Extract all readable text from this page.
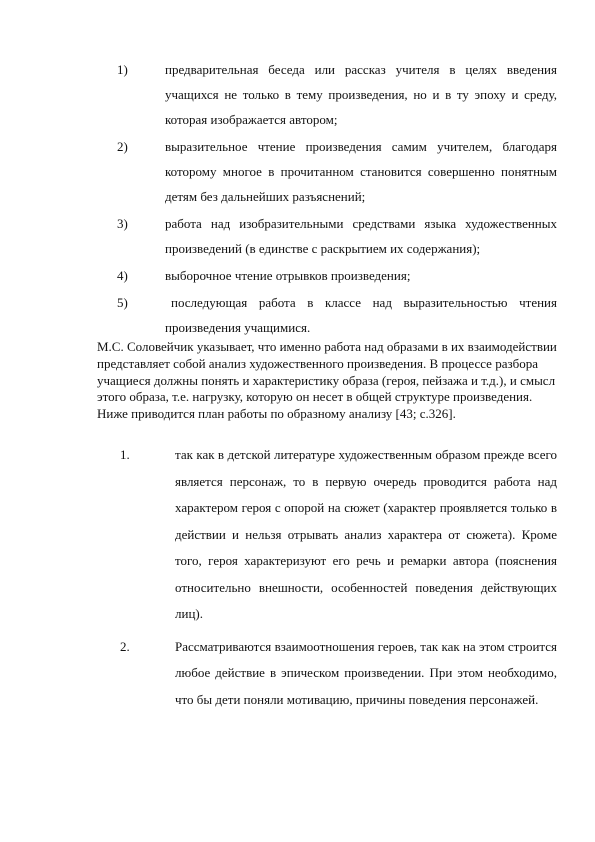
1)	предварительная беседа или рассказ учителя в целях введения учащихся не только в тему произведения, но и в ту эпоху и среду, которая изображается автором;
2)	выразительное чтение произведения самим учителем, благодаря которому многое в прочитанном становится совершенно понятным детям без дальнейших разъяснений;
3)	работа над изобразительными средствами языка художественных произведений (в единстве с раскрытием их содержания);
4)	выборочное чтение отрывков произведения;
5)	последующая работа в классе над выразительностью чтения произведения учащимися.
М.С. Соловейчик указывает, что именно работа над образами в их взаимодействии представляет собой анализ художественного произведения. В процессе разбора учащиеся должны понять и характеристику образа (героя, пейзажа и т.д.), и смысл этого образа, т.е. нагрузку, которую он несет в общей структуре произведения. Ниже приводится план работы по образному анализу [43; с.326].
1.	так как в детской литературе художественным образом прежде всего является персонаж, то в первую очередь проводится работа над характером героя с опорой на сюжет (характер проявляется только в действии и нельзя отрывать анализ характера от сюжета). Кроме того, героя характеризуют его речь и ремарки автора (пояснения относительно внешности, особенностей поведения действующих лиц).
2.	Рассматриваются взаимоотношения героев, так как на этом строится любое действие в эпическом произведении. При этом необходимо, что бы дети поняли мотивацию, причины поведения персонажей.
